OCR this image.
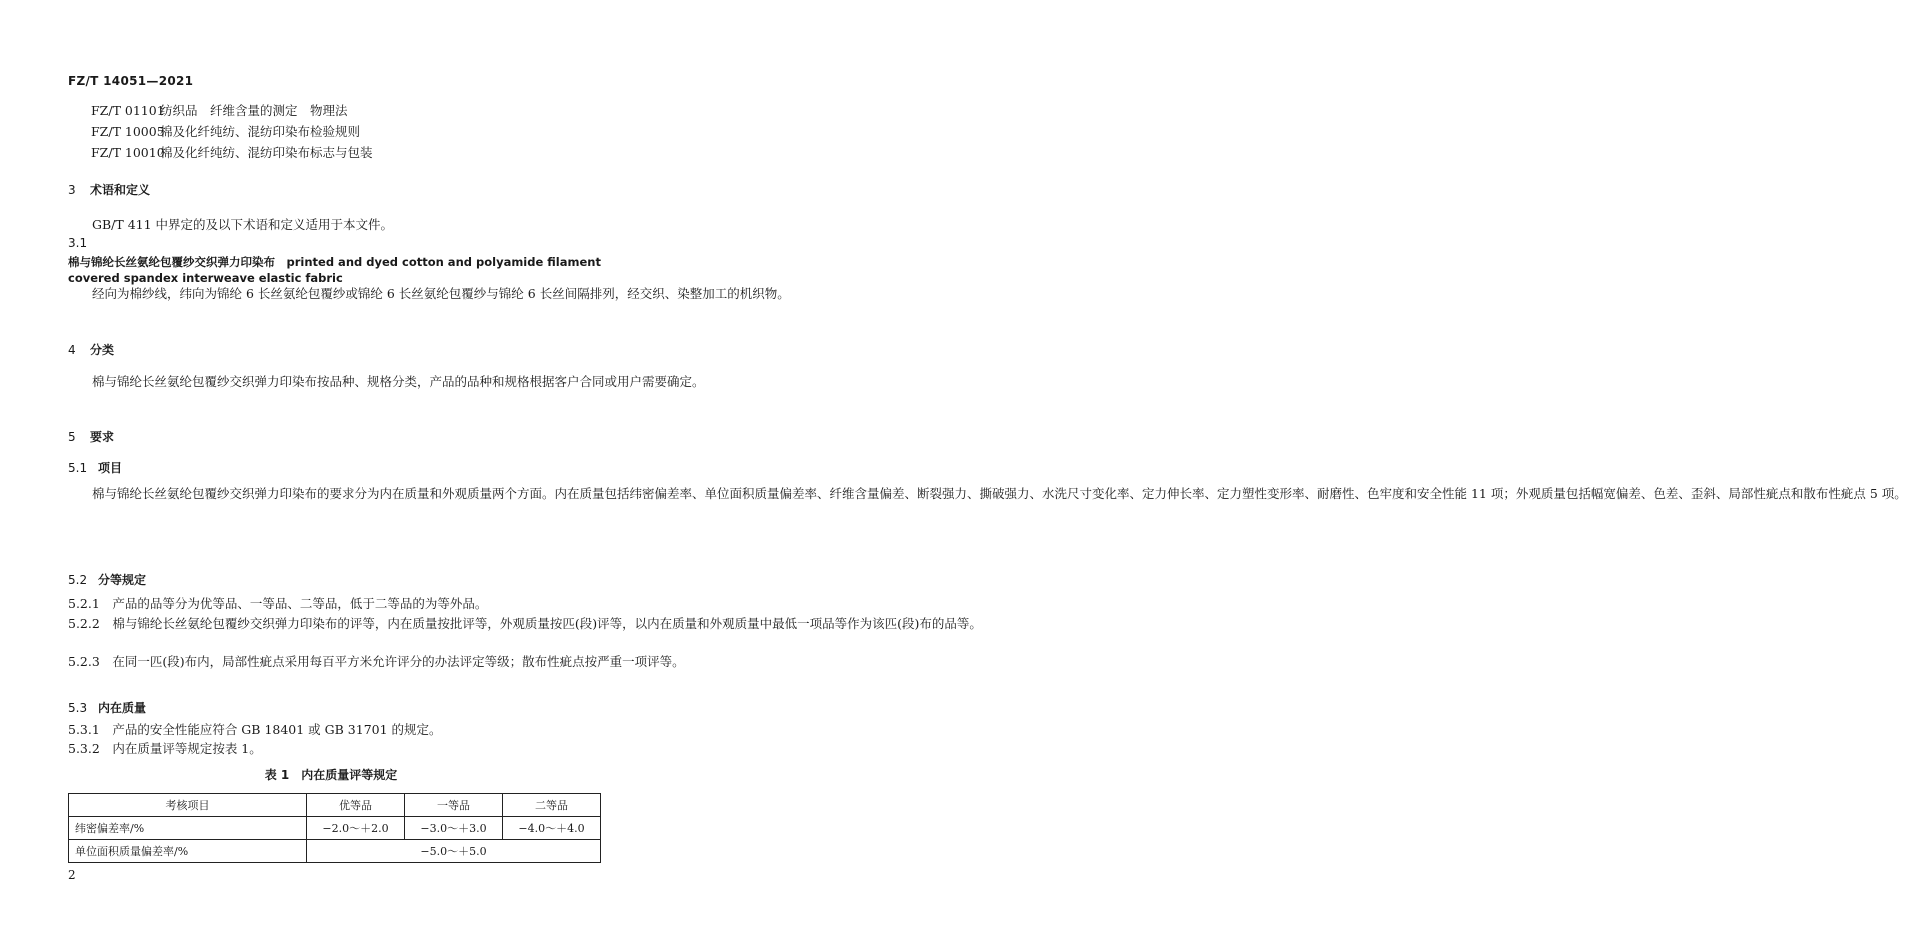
FZ/T 14051—2021
FZ/T 01101纺织品　纤维含量的测定　物理法
FZ/T 10005棉及化纤纯纺、混纺印染布检验规则
FZ/T 10010棉及化纤纯纺、混纺印染布标志与包装
3 术语和定义
GB/T 411 中界定的及以下术语和定义适用于本文件。
3.1
棉与锦纶长丝氨纶包覆纱交织弹力印染布　printed and dyed cotton and polyamide filament
covered spandex interweave elastic fabric

经向为棉纱线，纬向为锦纶 6 长丝氨纶包覆纱或锦纶 6 长丝氨纶包覆纱与锦纶 6 长丝间隔排列，经交织、染整加工的机织物。

4 分类

棉与锦纶长丝氨纶包覆纱交织弹力印染布按品种、规格分类，产品的品种和规格根据客户合同或用户需要确定。

5 要求
5.1 项目

棉与锦纶长丝氨纶包覆纱交织弹力印染布的要求分为内在质量和外观质量两个方面。内在质量包括纬密偏差率、单位面积质量偏差率、纤维含量偏差、断裂强力、撕破强力、水洗尺寸变化率、定力伸长率、定力塑性变形率、耐磨性、色牢度和安全性能 11 项；外观质量包括幅宽偏差、色差、歪斜、局部性疵点和散布性疵点 5 项。

5.2 分等规定

5.2.1　 产品的品等分为优等品、一等品、二等品，低于二等品的为等外品。

5.2.2　 棉与锦纶长丝氨纶包覆纱交织弹力印染布的评等，内在质量按批评等，外观质量按匹(段)评等，以内在质量和外观质量中最低一项品等作为该匹(段)布的品等。

5.2.3　 在同一匹(段)布内，局部性疵点采用每百平方米允许评分的办法评定等级；散布性疵点按严重一项评等。

5.3 内在质量

5.3.1　 产品的安全性能应符合 GB 18401 或 GB 31701 的规定。

5.3.2　 内在质量评等规定按表 1。

表 1　内在质量评等规定
考核项目	优等品	一等品	二等品
纬密偏差率/%	−2.0～＋2.0	−3.0～＋3.0	−4.0～＋4.0
单位面积质量偏差率/%	−5.0～＋5.0		
2
